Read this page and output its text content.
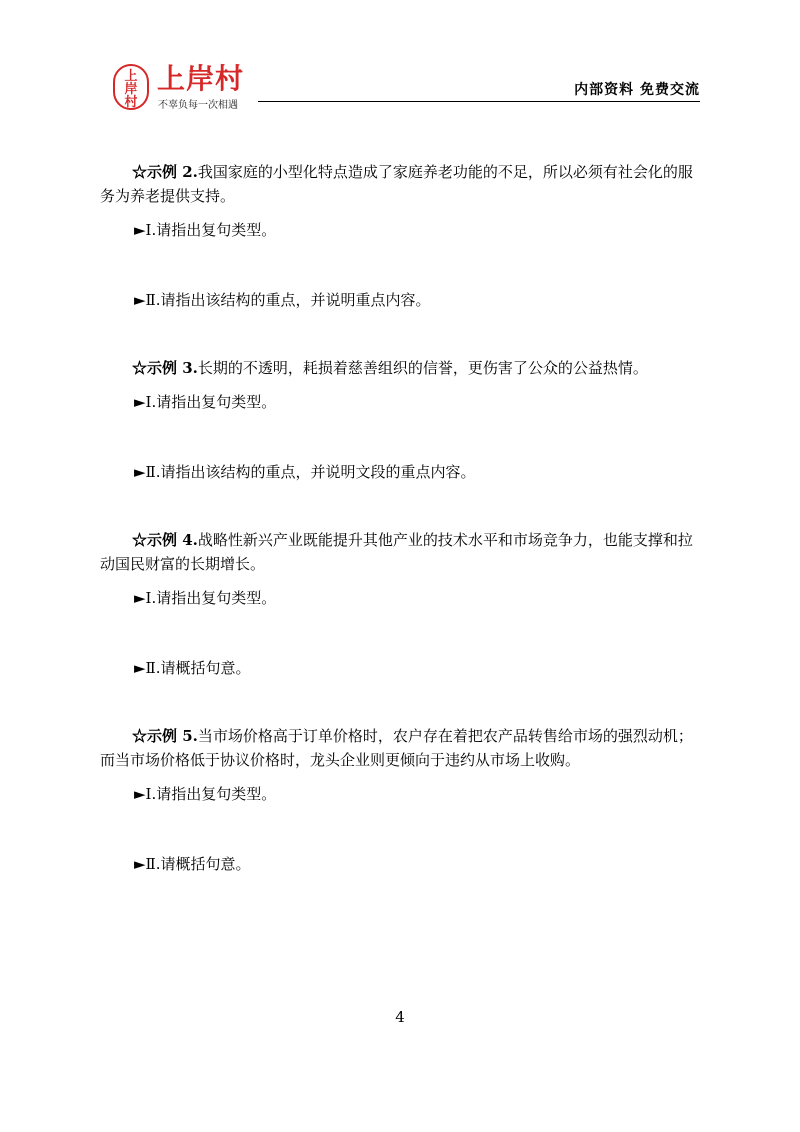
上
岸
村
上岸村
不辜负每一次相遇
内部资料 免费交流

☆示例 2.我国家庭的小型化特点造成了家庭养老功能的不足，所以必须有社会化的服务为养老提供支持。

►Ⅰ.请指出复句类型。

►Ⅱ.请指出该结构的重点，并说明重点内容。

☆示例 3.长期的不透明，耗损着慈善组织的信誉，更伤害了公众的公益热情。

►Ⅰ.请指出复句类型。

►Ⅱ.请指出该结构的重点，并说明文段的重点内容。

☆示例 4.战略性新兴产业既能提升其他产业的技术水平和市场竞争力，也能支撑和拉动国民财富的长期增长。

►Ⅰ.请指出复句类型。

►Ⅱ.请概括句意。

☆示例 5.当市场价格高于订单价格时，农户存在着把农产品转售给市场的强烈动机；而当市场价格低于协议价格时，龙头企业则更倾向于违约从市场上收购。

►Ⅰ.请指出复句类型。

►Ⅱ.请概括句意。

4
